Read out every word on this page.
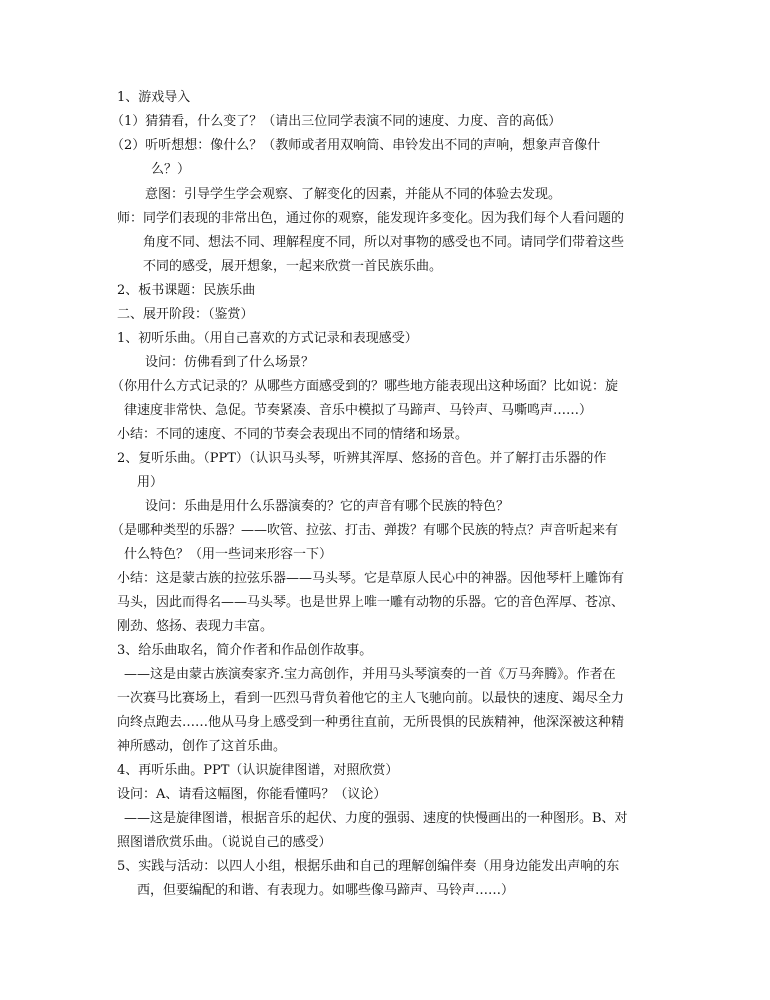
1、游戏导入
（1）猜猜看，什么变了？（请出三位同学表演不同的速度、力度、音的高低）
（2）听听想想：像什么？（教师或者用双响筒、串铃发出不同的声响，想象声音像什
么？）
意图：引导学生学会观察、了解变化的因素，并能从不同的体验去发现。
师：同学们表现的非常出色，通过你的观察，能发现许多变化。因为我们每个人看问题的
角度不同、想法不同、理解程度不同，所以对事物的感受也不同。请同学们带着这些
不同的感受，展开想象，一起来欣赏一首民族乐曲。
2、板书课题：民族乐曲
二、展开阶段：（鉴赏）
1、初听乐曲。（用自己喜欢的方式记录和表现感受）
设问：仿佛看到了什么场景？
（你用什么方式记录的？从哪些方面感受到的？哪些地方能表现出这种场面？比如说：旋
律速度非常快、急促。节奏紧凑、音乐中模拟了马蹄声、马铃声、马嘶鸣声……）
小结：不同的速度、不同的节奏会表现出不同的情绪和场景。
2、复听乐曲。（PPT）（认识马头琴，听辨其浑厚、悠扬的音色。并了解打击乐器的作
用）
设问：乐曲是用什么乐器演奏的？它的声音有哪个民族的特色？
（是哪种类型的乐器？——吹管、拉弦、打击、弹拨？有哪个民族的特点？声音听起来有
什么特色？（用一些词来形容一下）
小结：这是蒙古族的拉弦乐器——马头琴。它是草原人民心中的神器。因他琴杆上雕饰有
马头，因此而得名——马头琴。也是世界上唯一雕有动物的乐器。它的音色浑厚、苍凉、
刚劲、悠扬、表现力丰富。
3、给乐曲取名，简介作者和作品创作故事。
——这是由蒙古族演奏家齐.宝力高创作，并用马头琴演奏的一首《万马奔腾》。作者在
一次赛马比赛场上，看到一匹烈马背负着他它的主人飞驰向前。以最快的速度、竭尽全力
向终点跑去……他从马身上感受到一种勇往直前，无所畏惧的民族精神，他深深被这种精
神所感动，创作了这首乐曲。
4、再听乐曲。PPT（认识旋律图谱，对照欣赏）
设问：A、请看这幅图，你能看懂吗？（议论）
——这是旋律图谱，根据音乐的起伏、力度的强弱、速度的快慢画出的一种图形。B、对
照图谱欣赏乐曲。（说说自己的感受）
5、实践与活动：以四人小组，根据乐曲和自己的理解创编伴奏（用身边能发出声响的东
西，但要编配的和谐、有表现力。如哪些像马蹄声、马铃声……）
